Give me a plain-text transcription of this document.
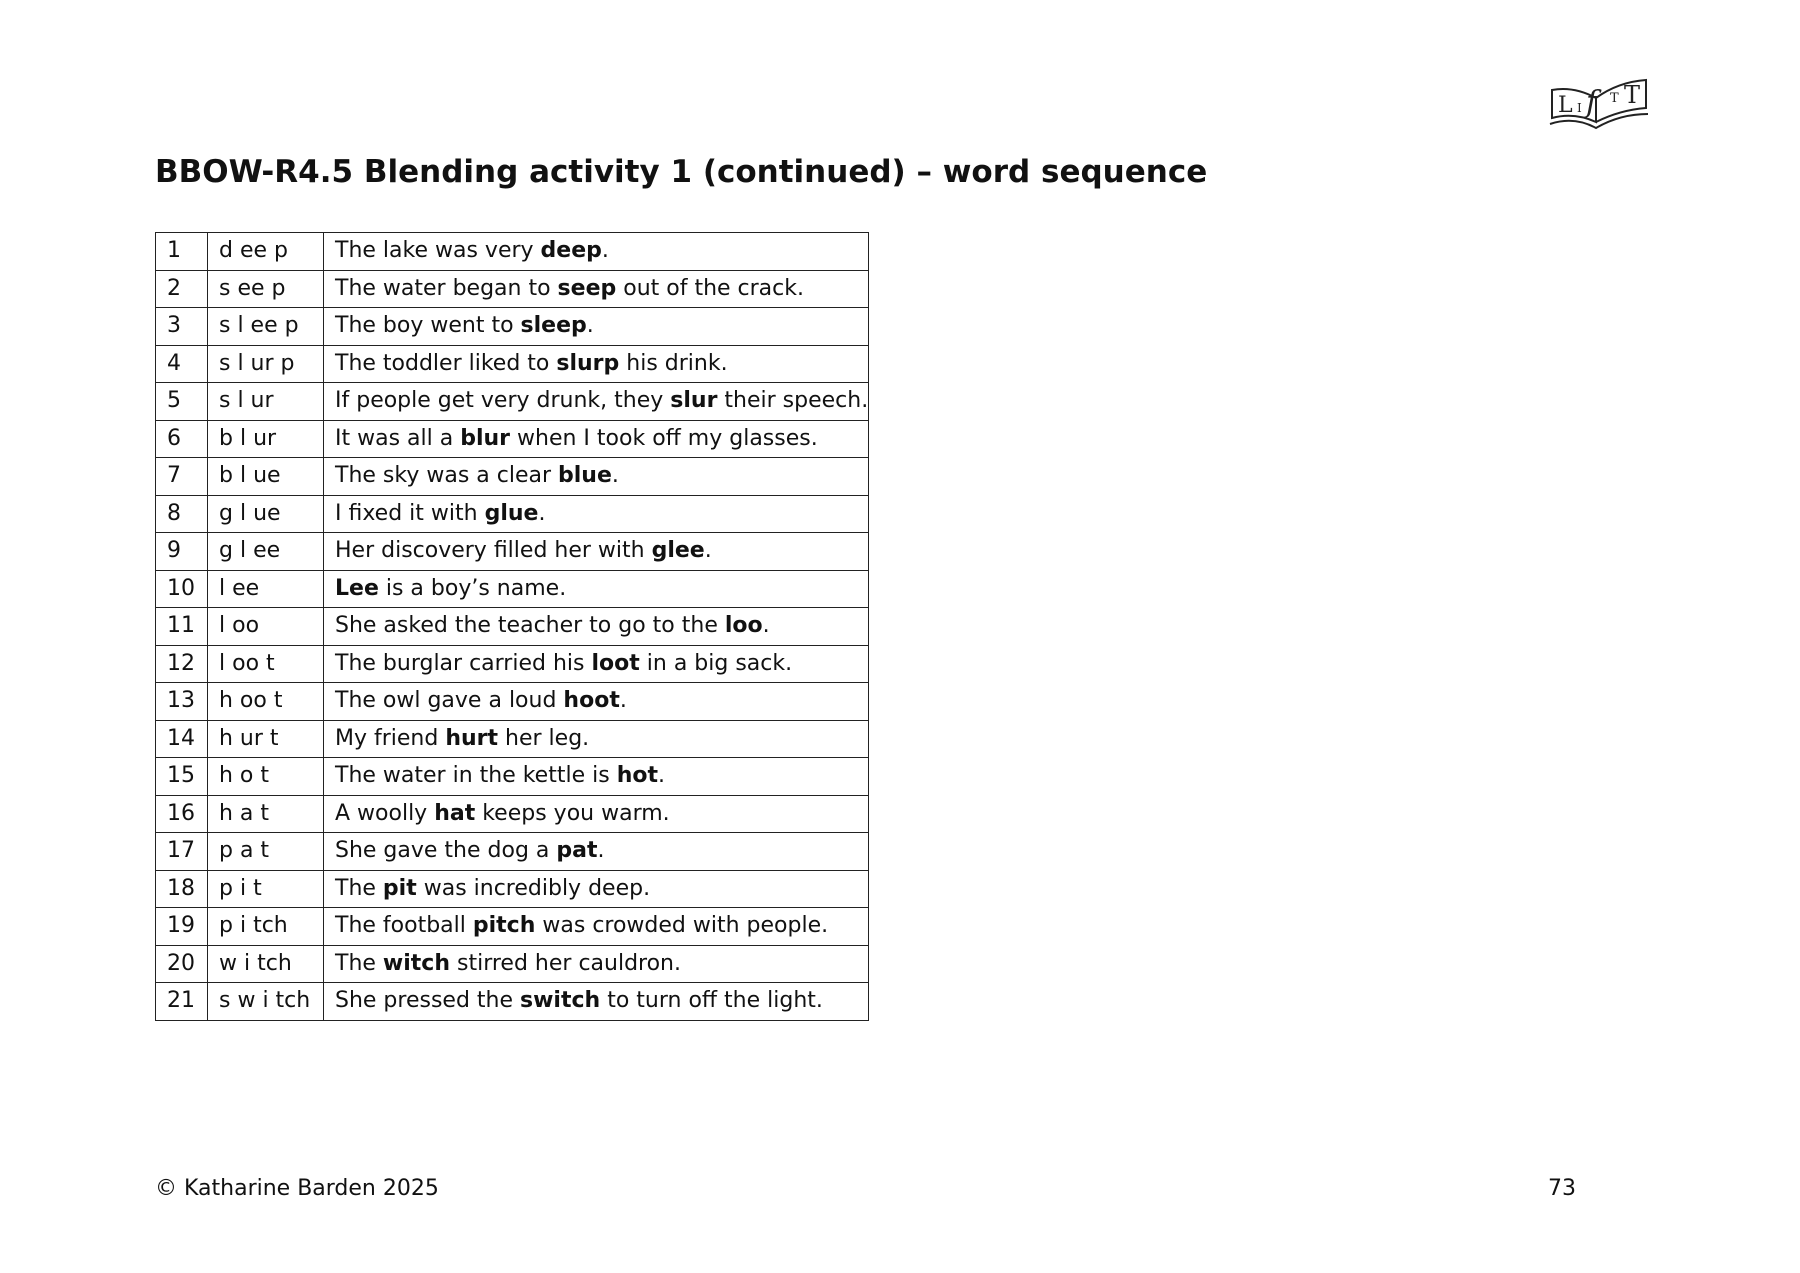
L I f T T
BBOW-R4.5 Blending activity 1 (continued) – word sequence
1	d ee p	The lake was very deep.
2	s ee p	The water began to seep out of the crack.
3	s l ee p	The boy went to sleep.
4	s l ur p	The toddler liked to slurp his drink.
5	s l ur	If people get very drunk, they slur their speech.
6	b l ur	It was all a blur when I took off my glasses.
7	b l ue	The sky was a clear blue.
8	g l ue	I fixed it with glue.
9	g l ee	Her discovery filled her with glee.
10	l ee	Lee is a boy’s name.
11	l oo	She asked the teacher to go to the loo.
12	l oo t	The burglar carried his loot in a big sack.
13	h oo t	The owl gave a loud hoot.
14	h ur t	My friend hurt her leg.
15	h o t	The water in the kettle is hot.
16	h a t	A woolly hat keeps you warm.
17	p a t	She gave the dog a pat.
18	p i t	The pit was incredibly deep.
19	p i tch	The football pitch was crowded with people.
20	w i tch	The witch stirred her cauldron.
21	s w i tch	She pressed the switch to turn off the light.
© Katharine Barden 2025	73
